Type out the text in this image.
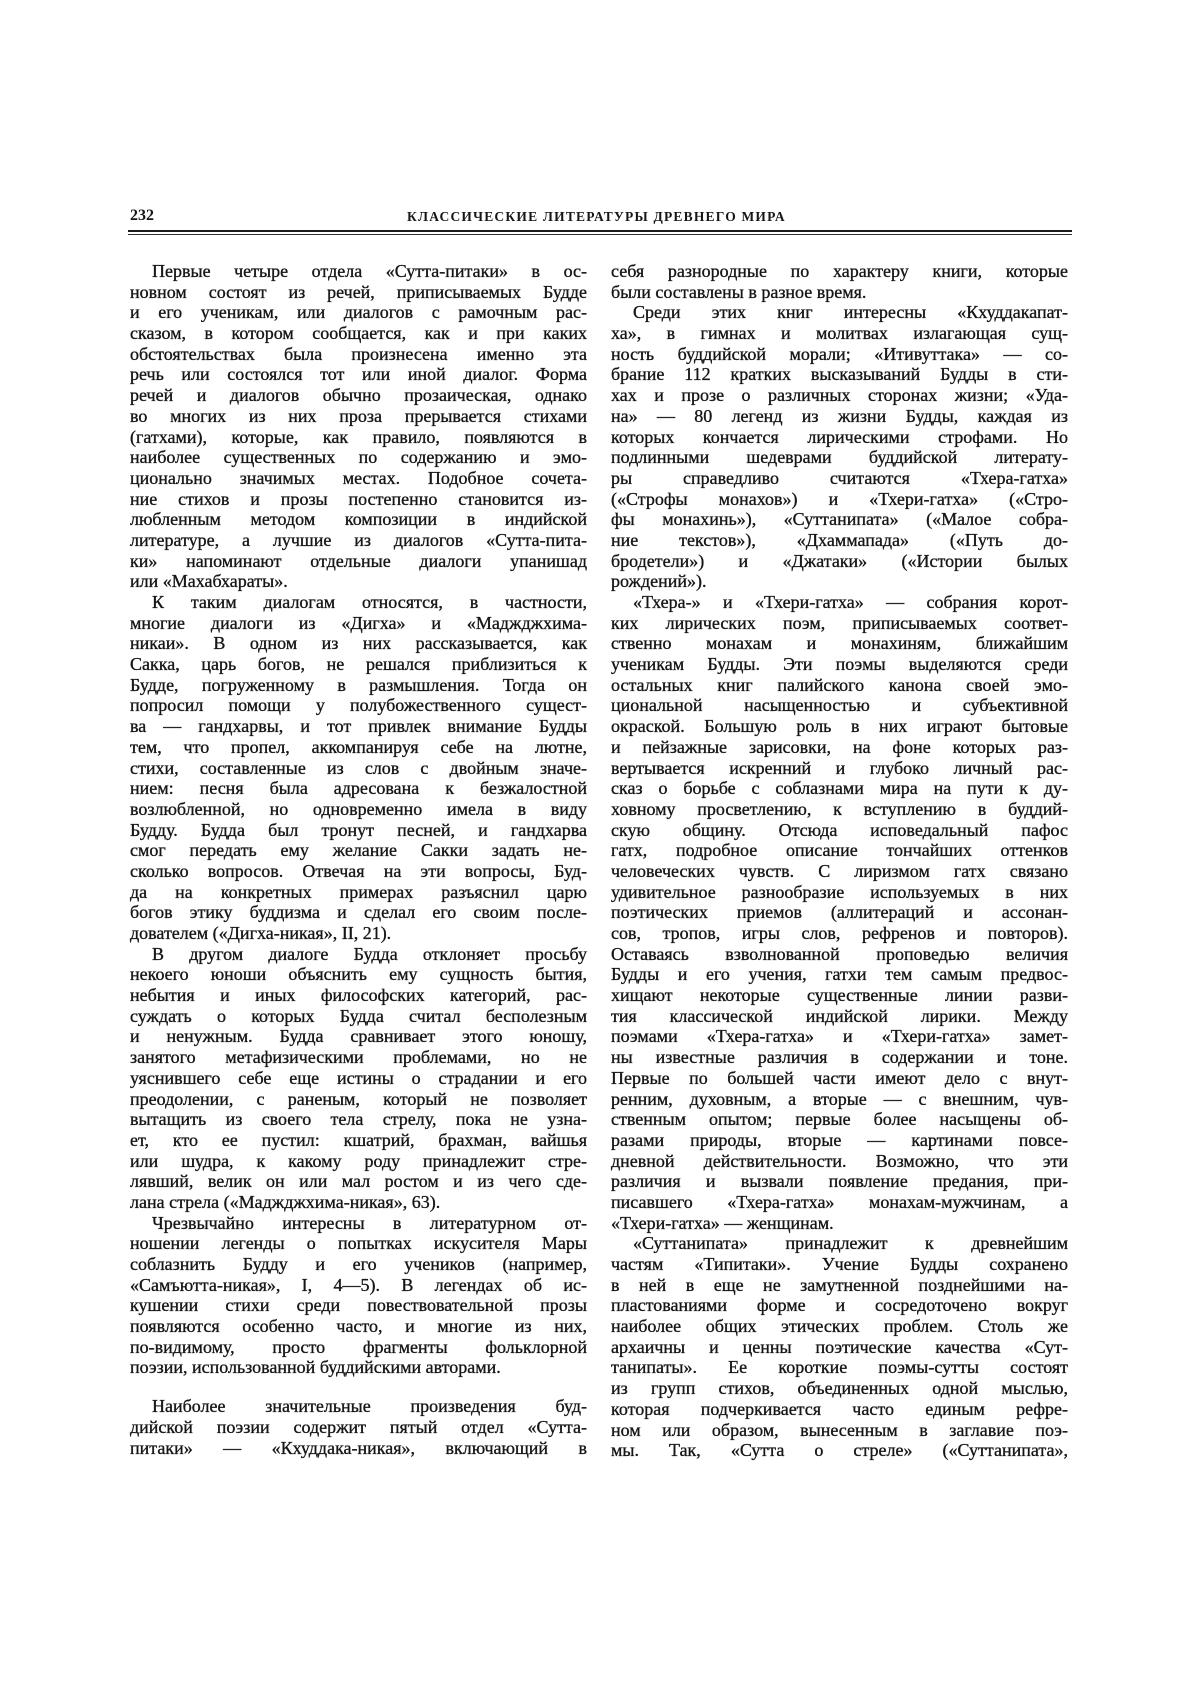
232	КЛАССИЧЕСКИЕ ЛИТЕРАТУРЫ ДРЕВНЕГО МИРА
Первые четыре отдела «Сутта-питаки» в ос-
новном состоят из речей, приписываемых Будде
и его ученикам, или диалогов с рамочным рас-
сказом, в котором сообщается, как и при каких
обстоятельствах была произнесена именно эта
речь или состоялся тот или иной диалог. Форма
речей и диалогов обычно прозаическая, однако
во многих из них проза прерывается стихами
(гатхами), которые, как правило, появляются в
наиболее существенных по содержанию и эмо-
ционально значимых местах. Подобное сочета-
ние стихов и прозы постепенно становится из-
любленным методом композиции в индийской
литературе, а лучшие из диалогов «Сутта-пита-
ки» напоминают отдельные диалоги упанишад
или «Махабхараты».
К таким диалогам относятся, в частности,
многие диалоги из «Дигха» и «Маджджхима-
никаи». В одном из них рассказывается, как
Сакка, царь богов, не решался приблизиться к
Будде, погруженному в размышления. Тогда он
попросил помощи у полубожественного сущест-
ва — гандхарвы, и тот привлек внимание Будды
тем, что пропел, аккомпанируя себе на лютне,
стихи, составленные из слов с двойным значе-
нием: песня была адресована к безжалостной
возлюбленной, но одновременно имела в виду
Будду. Будда был тронут песней, и гандхарва
смог передать ему желание Сакки задать не-
сколько вопросов. Отвечая на эти вопросы, Буд-
да на конкретных примерах разъяснил царю
богов этику буддизма и сделал его своим после-
дователем («Дигха-никая», II, 21).
В другом диалоге Будда отклоняет просьбу
некоего юноши объяснить ему сущность бытия,
небытия и иных философских категорий, рас-
суждать о которых Будда считал бесполезным
и ненужным. Будда сравнивает этого юношу,
занятого метафизическими проблемами, но не
уяснившего себе еще истины о страдании и его
преодолении, с раненым, который не позволяет
вытащить из своего тела стрелу, пока не узна-
ет, кто ее пустил: кшатрий, брахман, вайшья
или шудра, к какому роду принадлежит стре-
лявший, велик он или мал ростом и из чего сде-
лана стрела («Маджджхима-никая», 63).
Чрезвычайно интересны в литературном от-
ношении легенды о попытках искусителя Мары
соблазнить Будду и его учеников (например,
«Самъютта-никая», I, 4—5). В легендах об ис-
кушении стихи среди повествовательной прозы
появляются особенно часто, и многие из них,
по-видимому, просто фрагменты фольклорной
поэзии, использованной буддийскими авторами.
Наиболее значительные произведения буд-
дийской поэзии содержит пятый отдел «Сутта-
питаки» — «Кхуддака-никая», включающий в
себя разнородные по характеру книги, которые
были составлены в разное время.
Среди этих книг интересны «Кхуддакапат-
ха», в гимнах и молитвах излагающая сущ-
ность буддийской морали; «Итивуттака» — со-
брание 112 кратких высказываний Будды в сти-
хах и прозе о различных сторонах жизни; «Уда-
на» — 80 легенд из жизни Будды, каждая из
которых кончается лирическими строфами. Но
подлинными шедеврами буддийской литерату-
ры справедливо считаются «Тхера-гатха»
(«Строфы монахов») и «Тхери-гатха» («Стро-
фы монахинь»), «Суттанипата» («Малое собра-
ние текстов»), «Дхаммапада» («Путь до-
бродетели») и «Джатаки» («Истории былых
рождений»).
«Тхера-» и «Тхери-гатха» — собрания корот-
ких лирических поэм, приписываемых соответ-
ственно монахам и монахиням, ближайшим
ученикам Будды. Эти поэмы выделяются среди
остальных книг палийского канона своей эмо-
циональной насыщенностью и субъективной
окраской. Большую роль в них играют бытовые
и пейзажные зарисовки, на фоне которых раз-
вертывается искренний и глубоко личный рас-
сказ о борьбе с соблазнами мира на пути к ду-
ховному просветлению, к вступлению в буддий-
скую общину. Отсюда исповедальный пафос
гатх, подробное описание тончайших оттенков
человеческих чувств. С лиризмом гатх связано
удивительное разнообразие используемых в них
поэтических приемов (аллитераций и ассонан-
сов, тропов, игры слов, рефренов и повторов).
Оставаясь взволнованной проповедью величия
Будды и его учения, гатхи тем самым предвос-
хищают некоторые существенные линии разви-
тия классической индийской лирики. Между
поэмами «Тхера-гатха» и «Тхери-гатха» замет-
ны известные различия в содержании и тоне.
Первые по большей части имеют дело с внут-
ренним, духовным, а вторые — с внешним, чув-
ственным опытом; первые более насыщены об-
разами природы, вторые — картинами повсе-
дневной действительности. Возможно, что эти
различия и вызвали появление предания, при-
писавшего «Тхера-гатха» монахам-мужчинам, а
«Тхери-гатха» — женщинам.
«Суттанипата» принадлежит к древнейшим
частям «Типитаки». Учение Будды сохранено
в ней в еще не замутненной позднейшими на-
пластованиями форме и сосредоточено вокруг
наиболее общих этических проблем. Столь же
архаичны и ценны поэтические качества «Сут-
танипаты». Ее короткие поэмы-сутты состоят
из групп стихов, объединенных одной мыслью,
которая подчеркивается часто единым рефре-
ном или образом, вынесенным в заглавие поэ-
мы. Так, «Сутта о стреле» («Суттанипата»,
